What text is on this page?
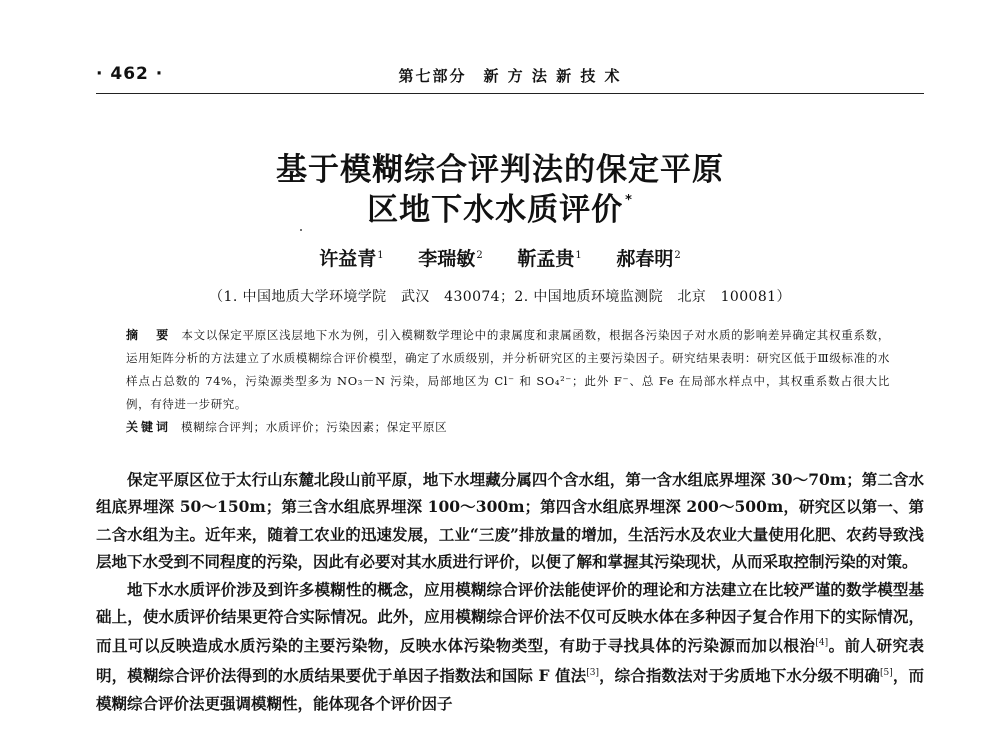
· 462 ·	第七部分　新 方 法 新 技 术
基于模糊综合评判法的保定平原
区地下水水质评价 *
许益青$^1$ 李瑞敏$^2$ 靳孟贵$^1$ 郝春明$^2$
（1. 中国地质大学环境学院　武汉　430074；2. 中国地质环境监测院　北京　100081）

摘　要 本文以保定平原区浅层地下水为例，引入模糊数学理论中的隶属度和隶属函数，根据各污染因子对水质的影响差异确定其权重系数，运用矩阵分析的方法建立了水质模糊综合评价模型，确定了水质级别，并分析研究区的主要污染因子。研究结果表明：研究区低于Ⅲ级标准的水样点占总数的 74%，污染源类型多为 NO₃－N 污染，局部地区为 Cl⁻ 和 SO₄²⁻；此外 F⁻、总 Fe 在局部水样点中，其权重系数占很大比例，有待进一步研究。

关键词 模糊综合评判；水质评价；污染因素；保定平原区

保定平原区位于太行山东麓北段山前平原，地下水埋藏分属四个含水组，第一含水组底界埋深 30～70m；第二含水组底界埋深 50～150m；第三含水组底界埋深 100～300m；第四含水组底界埋深 200～500m，研究区以第一、第二含水组为主。近年来，随着工农业的迅速发展，工业“三废”排放量的增加，生活污水及农业大量使用化肥、农药导致浅层地下水受到不同程度的污染，因此有必要对其水质进行评价，以便了解和掌握其污染现状，从而采取控制污染的对策。

地下水水质评价涉及到许多模糊性的概念，应用模糊综合评价法能使评价的理论和方法建立在比较严谨的数学模型基础上，使水质评价结果更符合实际情况。此外，应用模糊综合评价法不仅可反映水体在多种因子复合作用下的实际情况，而且可以反映造成水质污染的主要污染物，反映水体污染物类型，有助于寻找具体的污染源而加以根治[4]。前人研究表明，模糊综合评价法得到的水质结果要优于单因子指数法和国际 F 值法[3]，综合指数法对于劣质地下水分级不明确[5]，而模糊综合评价法更强调模糊性，能体现各个评价因子
